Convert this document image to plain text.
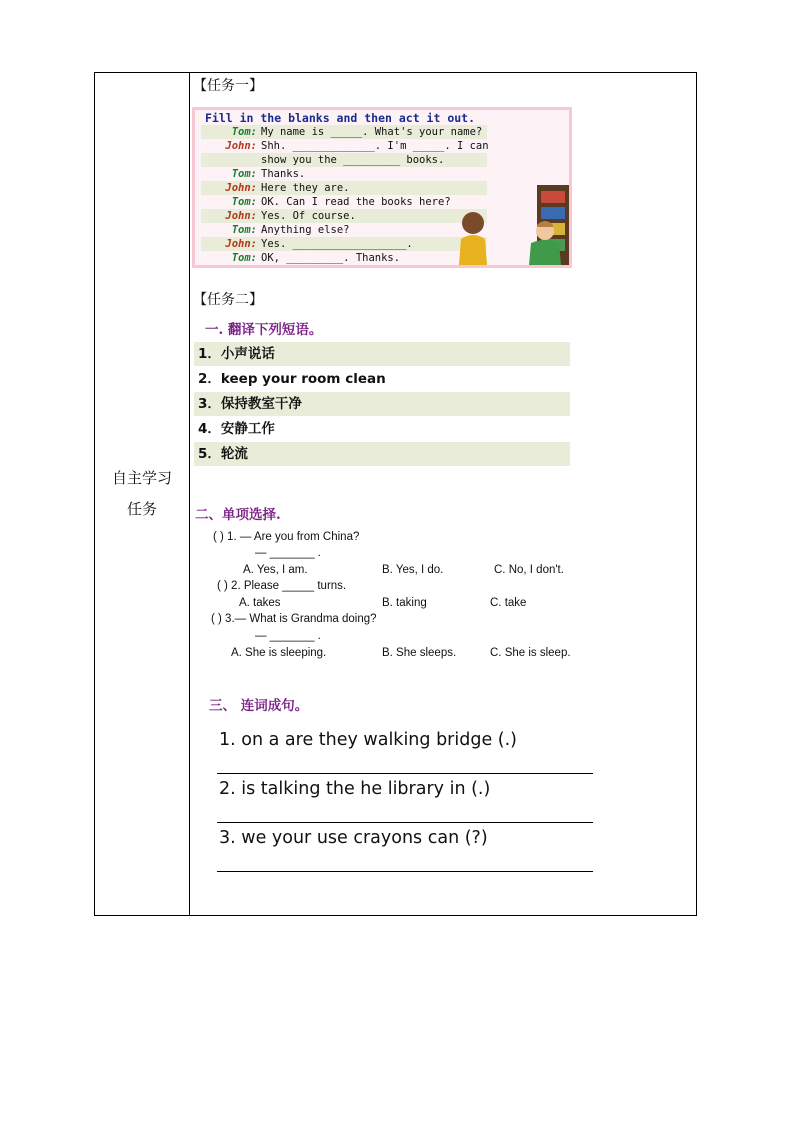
自主学习
任务
【任务一】
Fill in the blanks and then act it out.
Tom: My name is _____. What's your name?
John: Shh. _____________. I'm _____. I can
show you the _________ books.
Tom: Thanks.
John: Here they are.
Tom: OK. Can I read the books here?
John: Yes. Of course.
Tom: Anything else?
John: Yes. __________________.
Tom: OK, _________. Thanks.
【任务二】
一. 翻译下列短语。
1．小声说话
2．keep your room clean
3．保持教室干净
4．安静工作
5．轮流
二、单项选择.
( ) 1. — Are you from China?
— _______ .
A. Yes, I am.	B. Yes, I do.	C. No, I don't.
( ) 2. Please _____ turns.
A. takes	B. taking	C. take
( ) 3.— What is Grandma doing?
— _______ .
A. She is sleeping.	B. She sleeps.	C. She is sleep.
三、 连词成句。
1. on a are they walking bridge (.)
2. is talking the he library in (.)
3. we your use crayons can (?)
